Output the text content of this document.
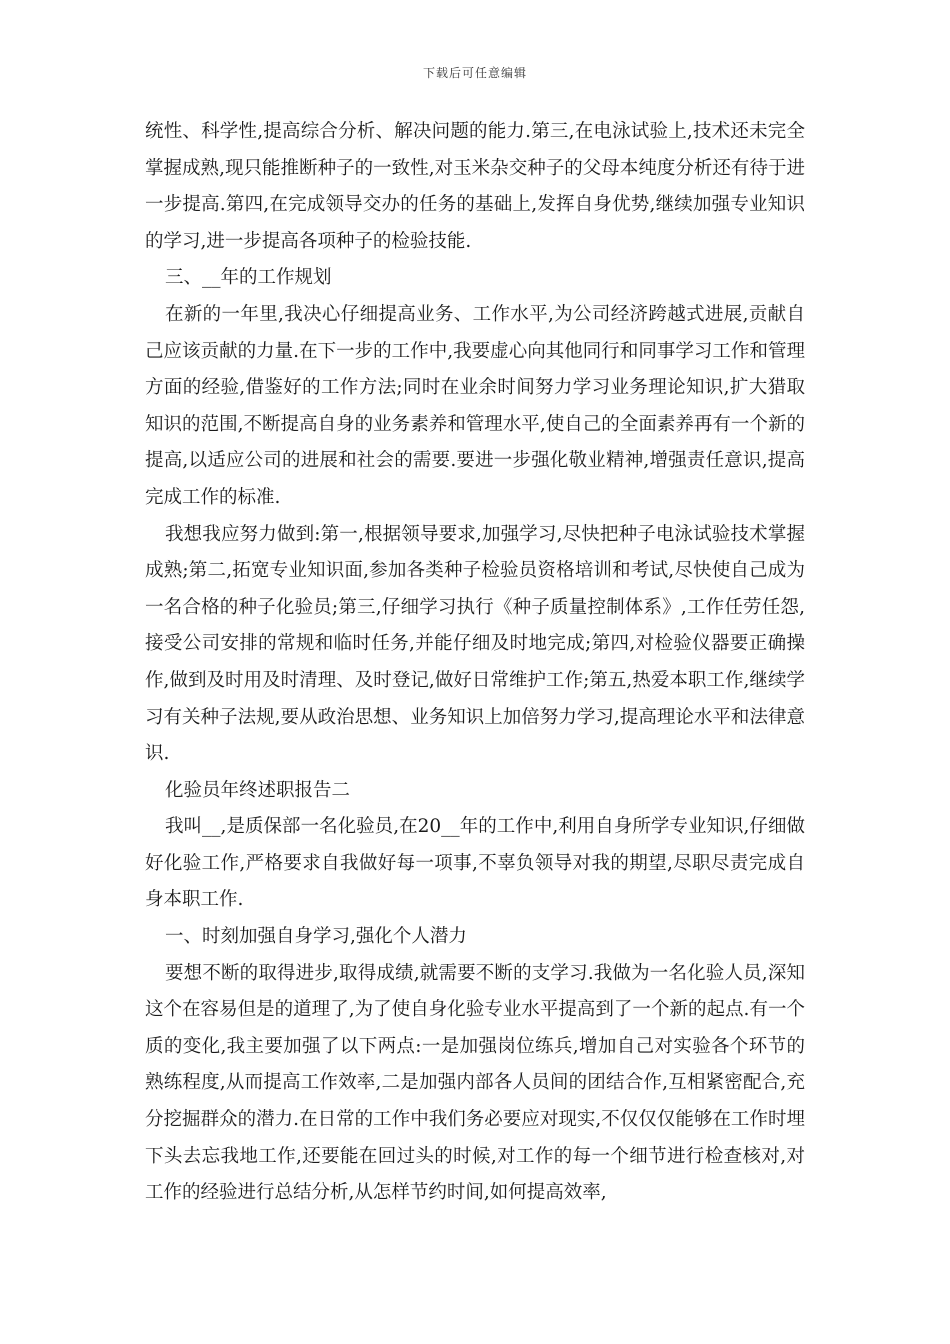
下载后可任意编辑

统性、科学性,提高综合分析、解决问题的能力.第三,在电泳试验上,技术还未完全掌握成熟,现只能推断种子的一致性,对玉米杂交种子的父母本纯度分析还有待于进一步提高.第四,在完成领导交办的任务的基础上,发挥自身优势,继续加强专业知识的学习,进一步提高各项种子的检验技能.

三、__年的工作规划

在新的一年里,我决心仔细提高业务、工作水平,为公司经济跨越式进展,贡献自己应该贡献的力量.在下一步的工作中,我要虚心向其他同行和同事学习工作和管理方面的经验,借鉴好的工作方法;同时在业余时间努力学习业务理论知识,扩大猎取知识的范围,不断提高自身的业务素养和管理水平,使自己的全面素养再有一个新的提高,以适应公司的进展和社会的需要.要进一步强化敬业精神,增强责任意识,提高完成工作的标准.

我想我应努力做到:第一,根据领导要求,加强学习,尽快把种子电泳试验技术掌握成熟;第二,拓宽专业知识面,参加各类种子检验员资格培训和考试,尽快使自己成为一名合格的种子化验员;第三,仔细学习执行《种子质量控制体系》,工作任劳任怨,接受公司安排的常规和临时任务,并能仔细及时地完成;第四,对检验仪器要正确操作,做到及时用及时清理、及时登记,做好日常维护工作;第五,热爱本职工作,继续学习有关种子法规,要从政治思想、业务知识上加倍努力学习,提高理论水平和法律意识.

化验员年终述职报告二

我叫__,是质保部一名化验员,在20__年的工作中,利用自身所学专业知识,仔细做好化验工作,严格要求自我做好每一项事,不辜负领导对我的期望,尽职尽责完成自身本职工作.

一、时刻加强自身学习,强化个人潜力

要想不断的取得进步,取得成绩,就需要不断的支学习.我做为一名化验人员,深知这个在容易但是的道理了,为了使自身化验专业水平提高到了一个新的起点.有一个质的变化,我主要加强了以下两点:一是加强岗位练兵,增加自己对实验各个环节的熟练程度,从而提高工作效率,二是加强内部各人员间的团结合作,互相紧密配合,充分挖掘群众的潜力.在日常的工作中我们务必要应对现实,不仅仅仅能够在工作时埋下头去忘我地工作,还要能在回过头的时候,对工作的每一个细节进行检查核对,对工作的经验进行总结分析,从怎样节约时间,如何提高效率,
